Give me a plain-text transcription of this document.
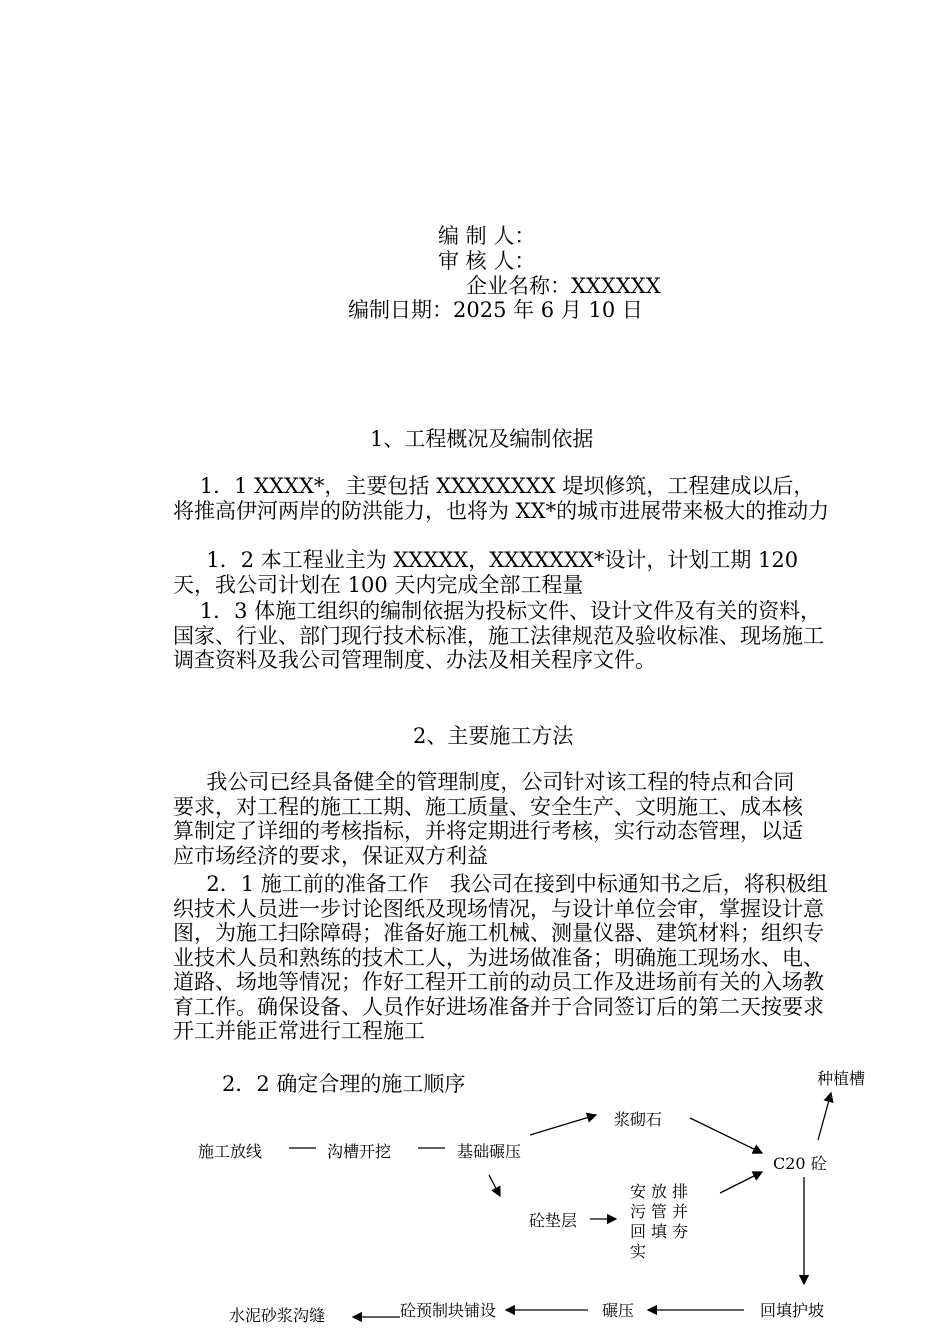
编 制 人：
审 核 人：
企业名称：XXXXXX
编制日期：2025 年 6 月 10 日
1、工程概况及编制依据
1．1 XXXX*，主要包括 XXXXXXXX 堤坝修筑，工程建成以后，将推高伊河两岸的防洪能力，也将为 XX*的城市进展带来极大的推动力
1．2 本工程业主为 XXXXX，XXXXXXX*设计，计划工期 120 天，我公司计划在 100 天内完成全部工程量
1．3 体施工组织的编制依据为投标文件、设计文件及有关的资料，国家、行业、部门现行技术标准，施工法律规范及验收标准、现场施工调查资料及我公司管理制度、办法及相关程序文件。
2、主要施工方法
我公司已经具备健全的管理制度，公司针对该工程的特点和合同要求，对工程的施工工期、施工质量、安全生产、文明施工、成本核算制定了详细的考核指标，并将定期进行考核，实行动态管理，以适应市场经济的要求，保证双方利益
2．1 施工前的准备工作　我公司在接到中标通知书之后，将积极组织技术人员进一步讨论图纸及现场情况，与设计单位会审，掌握设计意图，为施工扫除障碍；准备好施工机械、测量仪器、建筑材料；组织专业技术人员和熟练的技术工人，为进场做准备；明确施工现场水、电、道路、场地等情况；作好工程开工前的动员工作及进场前有关的入场教育工作。确保设备、人员作好进场准备并于合同签订后的第二天按要求开工并能正常进行工程施工
2．2 确定合理的施工顺序
施工放线	沟槽开挖	基础碾压
浆砌石
砼垫层
安放排污管并回填夯实
C20 砼
种植槽
回填护坡
碾压
砼预制块铺设
水泥砂浆沟缝
